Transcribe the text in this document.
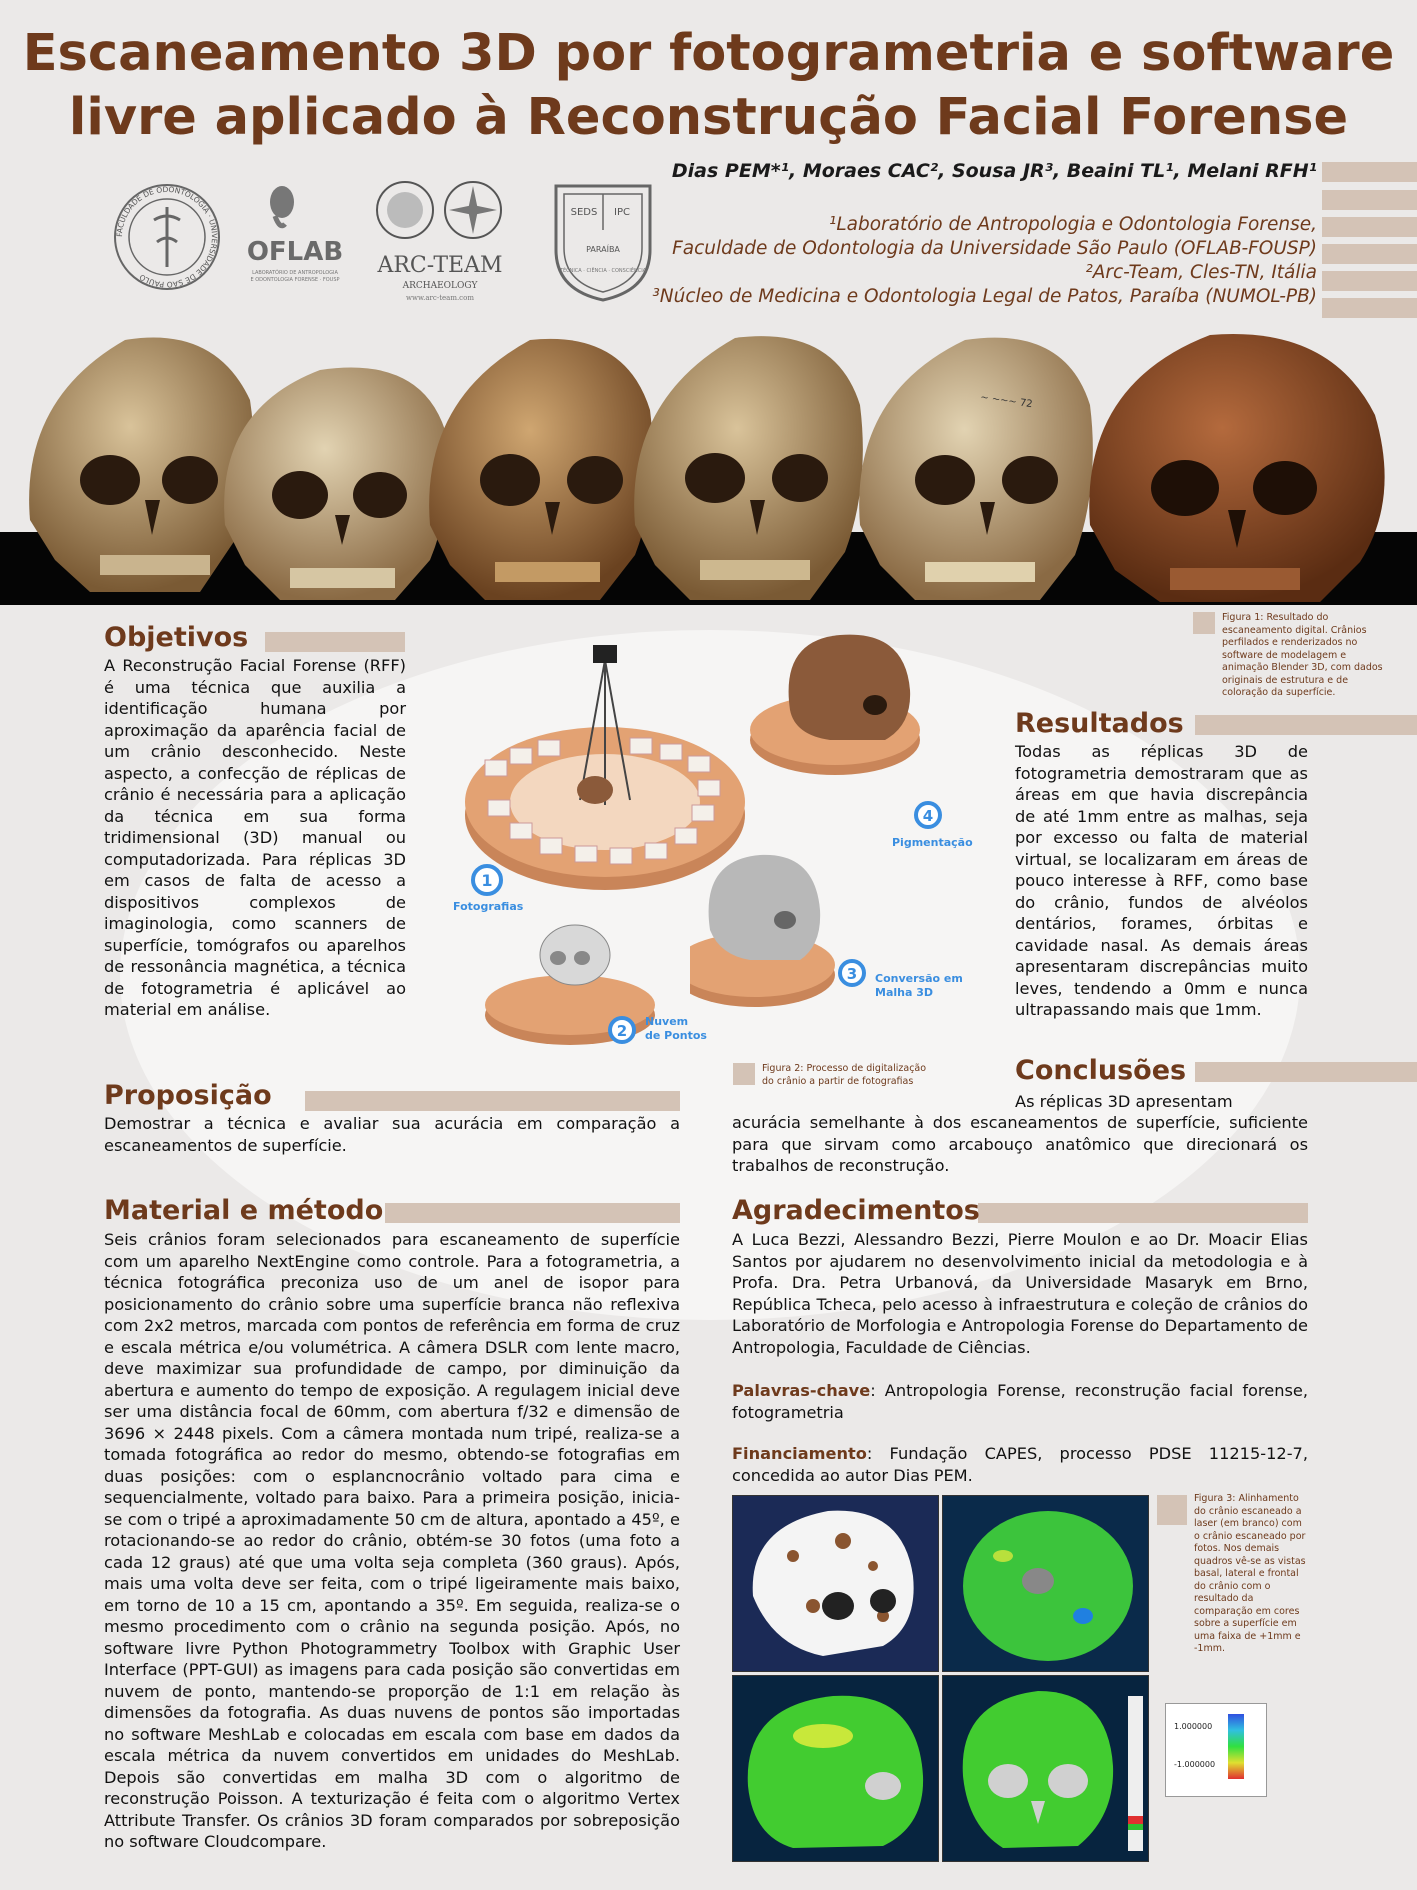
Escaneamento 3D por fotogrametria e software
livre aplicado à Reconstrução Facial Forense
Dias PEM*¹, Moraes CAC², Sousa JR³, Beaini TL¹, Melani RFH¹
¹Laboratório de Antropologia e Odontologia Forense,
Faculdade de Odontologia da Universidade São Paulo (OFLAB-FOUSP)
²Arc-Team, Cles-TN, Itália
³Núcleo de Medicina e Odontologia Legal de Patos, Paraíba (NUMOL-PB)
FACULDADE DE ODONTOLOGIA · UNIVERSIDADE DE SÃO PAULO
OFLAB
LABORATÓRIO DE ANTROPOLOGIA
E ODONTOLOGIA FORENSE · FOUSP
ARC-TEAM
ARCHAEOLOGY
www.arc-team.com
SEDS IPC
PARAÍBA
TÉCNICA · CIÊNCIA · CONSCIÊNCIA
~ ~~~ 72
Figura 1: Resultado do escaneamento digital. Crânios perfilados e renderizados no software de modelagem e animação Blender 3D, com dados originais de estrutura e de coloração da superfície.
Objetivos
A Reconstrução Facial Forense (RFF) é uma técnica que auxilia a identificação humana por aproximação da aparência facial de um crânio desconhecido. Neste aspecto, a confecção de réplicas de crânio é necessária para a aplicação da técnica em sua forma tridimensional (3D) manual ou computadorizada. Para réplicas 3D em casos de falta de acesso a dispositivos complexos de imaginologia, como scanners de superfície, tomógrafos ou aparelhos de ressonância magnética, a técnica de fotogrametria é aplicável ao material em análise.
1
Fotografias
2
Nuvem
de Pontos
4
Pigmentação
3 Conversão em
Malha 3D
Figura 2: Processo de digitalização do crânio a partir de fotografias
Resultados
Todas as réplicas 3D de fotogrametria demostraram que as áreas em que havia discrepância de até 1mm entre as malhas, seja por excesso ou falta de material virtual, se localizaram em áreas de pouco interesse à RFF, como base do crânio, fundos de alvéolos dentários, forames, órbitas e cavidade nasal. As demais áreas apresentaram discrepâncias muito leves, tendendo a 0mm e nunca ultrapassando mais que 1mm.
Conclusões
As réplicas 3D apresentam
acurácia semelhante à dos escaneamentos de superfície, suficiente para que sirvam como arcabouço anatômico que direcionará os trabalhos de reconstrução.
Proposição
Demostrar a técnica e avaliar sua acurácia em comparação a escaneamentos de superfície.
Material e método
Seis crânios foram selecionados para escaneamento de superfície com um aparelho NextEngine como controle. Para a fotogrametria, a técnica fotográfica preconiza uso de um anel de isopor para posicionamento do crânio sobre uma superfície branca não reflexiva com 2x2 metros, marcada com pontos de referência em forma de cruz e escala métrica e/ou volumétrica. A câmera DSLR com lente macro, deve maximizar sua profundidade de campo, por diminuição da abertura e aumento do tempo de exposição. A regulagem inicial deve ser uma distância focal de 60mm, com abertura f/32 e dimensão de 3696 × 2448 pixels. Com a câmera montada num tripé, realiza-se a tomada fotográfica ao redor do mesmo, obtendo-se fotografias em duas posições: com o esplancnocrânio voltado para cima e sequencialmente, voltado para baixo. Para a primeira posição, inicia-se com o tripé a aproximadamente 50 cm de altura, apontado a 45º, e rotacionando-se ao redor do crânio, obtém-se 30 fotos (uma foto a cada 12 graus) até que uma volta seja completa (360 graus). Após, mais uma volta deve ser feita, com o tripé ligeiramente mais baixo, em torno de 10 a 15 cm, apontando a 35º. Em seguida, realiza-se o mesmo procedimento com o crânio na segunda posição. Após, no software livre Python Photogrammetry Toolbox with Graphic User Interface (PPT-GUI) as imagens para cada posição são convertidas em nuvem de ponto, mantendo-se proporção de 1:1 em relação às dimensões da fotografia. As duas nuvens de pontos são importadas no software MeshLab e colocadas em escala com base em dados da escala métrica da nuvem convertidos em unidades do MeshLab. Depois são convertidas em malha 3D com o algoritmo de reconstrução Poisson. A texturização é feita com o algoritmo Vertex Attribute Transfer. Os crânios 3D foram comparados por sobreposição no software Cloudcompare.
Agradecimentos
A Luca Bezzi, Alessandro Bezzi, Pierre Moulon e ao Dr. Moacir Elias Santos por ajudarem no desenvolvimento inicial da metodologia e à Profa. Dra. Petra Urbanová, da Universidade Masaryk em Brno, República Tcheca, pelo acesso à infraestrutura e coleção de crânios do Laboratório de Morfologia e Antropologia Forense do Departamento de Antropologia, Faculdade de Ciências.
Palavras-chave: Antropologia Forense, reconstrução facial forense, fotogrametria
Financiamento: Fundação CAPES, processo PDSE 11215-12-7, concedida ao autor Dias PEM.
1.000000
-1.000000
Figura 3: Alinhamento do crânio escaneado a laser (em branco) com o crânio escaneado por fotos. Nos demais quadros vê-se as vistas basal, lateral e frontal do crânio com o resultado da comparação em cores sobre a superfície em uma faixa de +1mm e -1mm.
